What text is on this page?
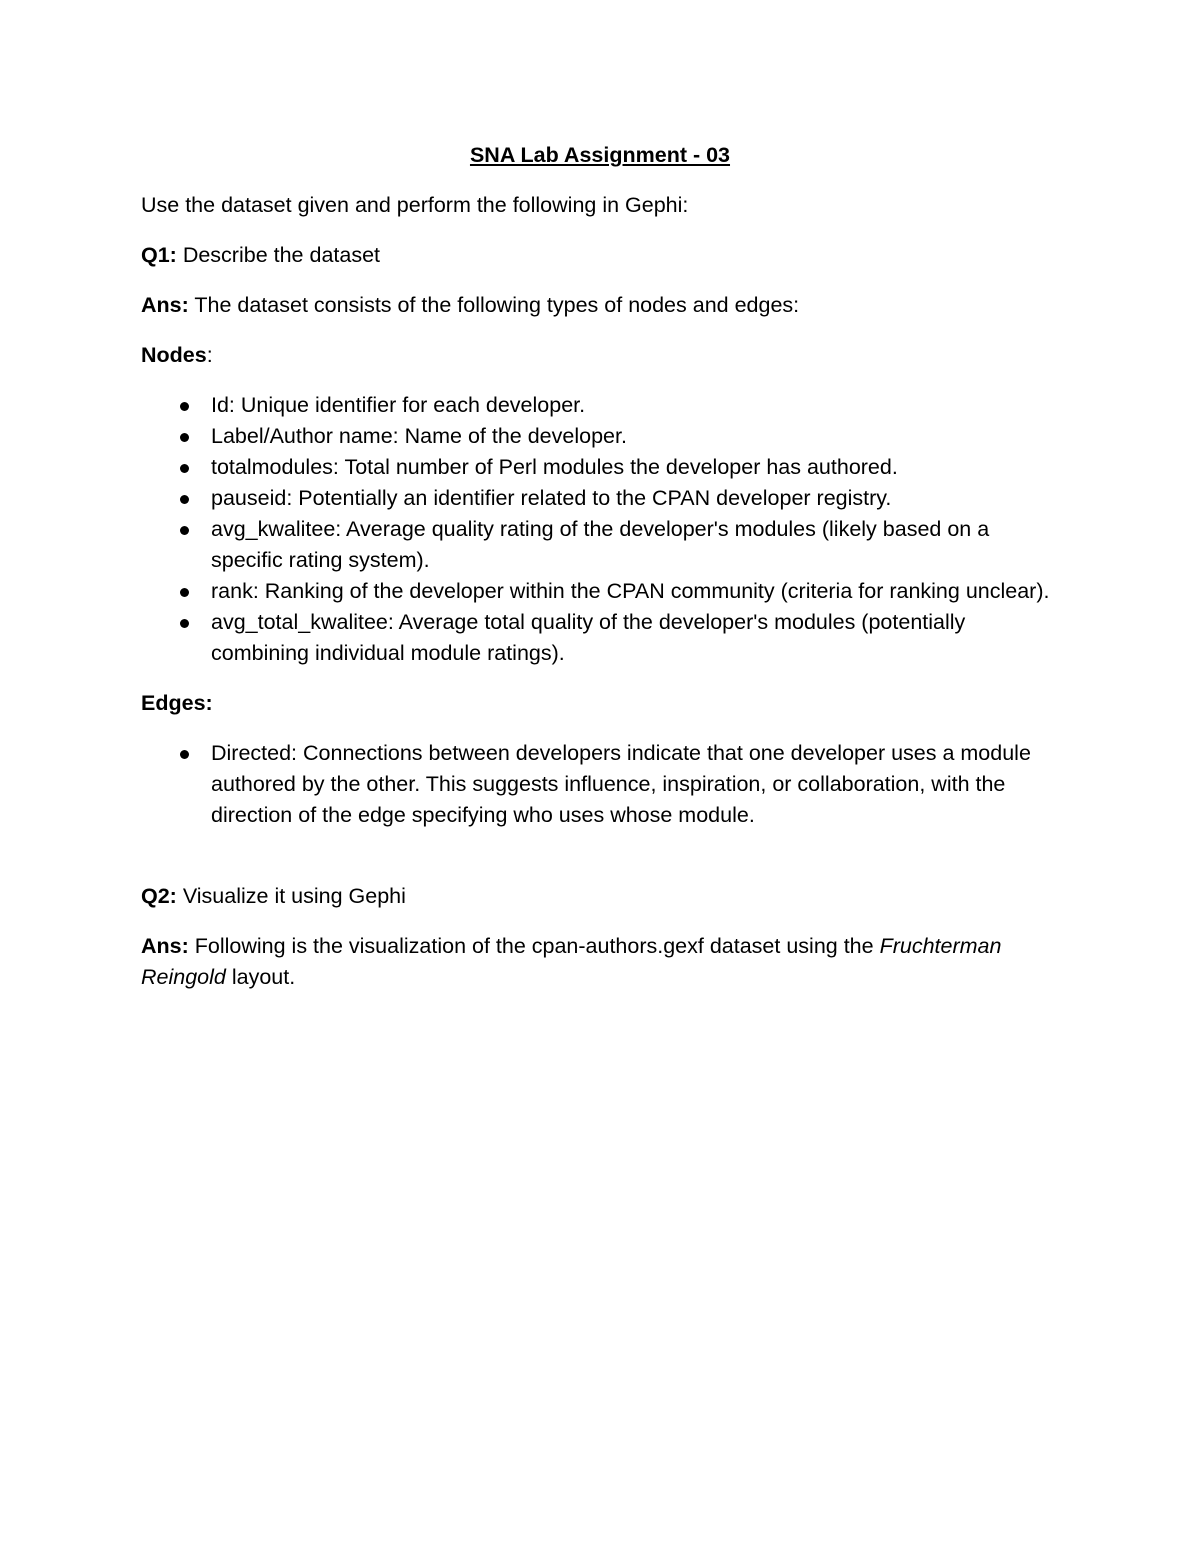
SNA Lab Assignment - 03

Use the dataset given and perform the following in Gephi:

Q1: Describe the dataset

Ans: The dataset consists of the following types of nodes and edges:

Nodes:

Id: Unique identifier for each developer.
Label/Author name: Name of the developer.
totalmodules: Total number of Perl modules the developer has authored.
pauseid: Potentially an identifier related to the CPAN developer registry.
avg_kwalitee: Average quality rating of the developer's modules (likely based on a specific rating system).
rank: Ranking of the developer within the CPAN community (criteria for ranking unclear).
avg_total_kwalitee: Average total quality of the developer's modules (potentially combining individual module ratings).

Edges:

Directed: Connections between developers indicate that one developer uses a module authored by the other. This suggests influence, inspiration, or collaboration, with the direction of the edge specifying who uses whose module.

Q2: Visualize it using Gephi

Ans: Following is the visualization of the cpan-authors.gexf dataset using the Fruchterman Reingold layout.
